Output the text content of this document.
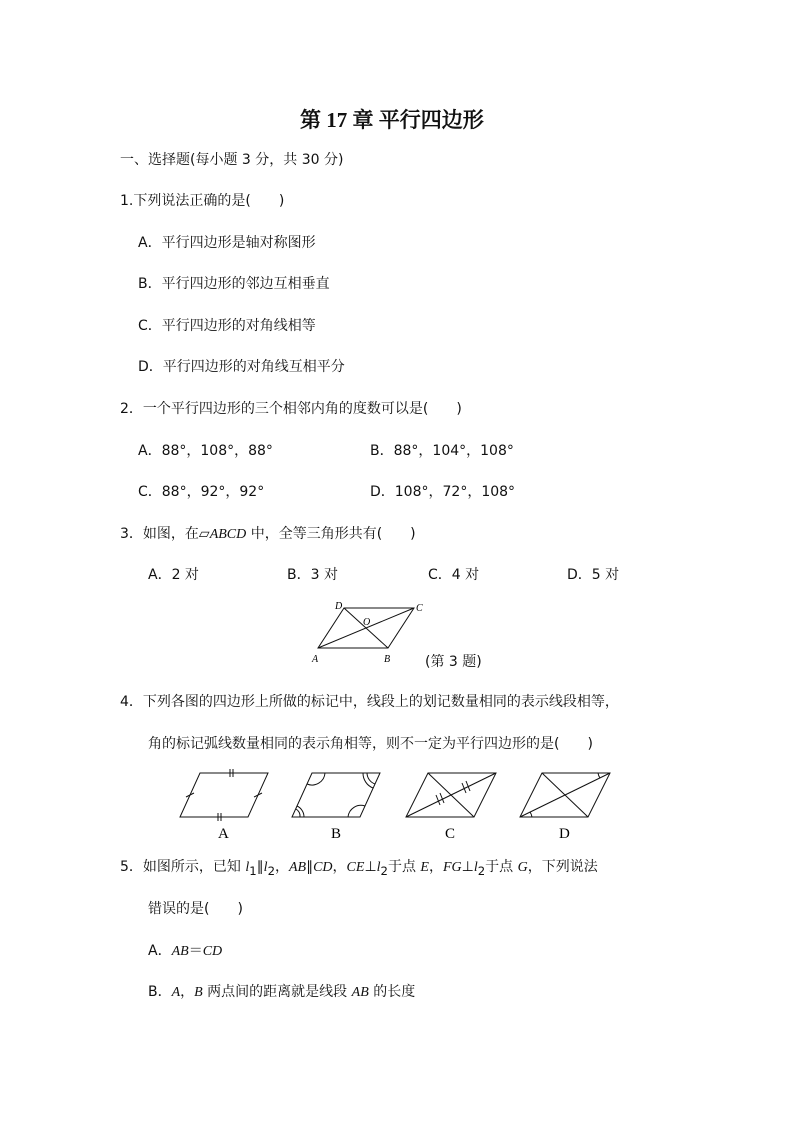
第 17 章 平行四边形
一、选择题(每小题 3 分，共 30 分)
1.下列说法正确的是(　　)
A．平行四边形是轴对称图形
B．平行四边形的邻边互相垂直
C．平行四边形的对角线相等
D．平行四边形的对角线互相平分
2．一个平行四边形的三个相邻内角的度数可以是(　　)
A．88°，108°，88°	B．88°，104°，108°
C．88°，92°，92°	D．108°，72°，108°
3．如图，在▱ABCD 中，全等三角形共有(　　)
A．2 对	B．3 对	C．4 对	D．5 对
A	B
C
D
O
(第 3 题)
4．下列各图的四边形上所做的标记中，线段上的划记数量相同的表示线段相等，
角的标记弧线数量相同的表示角相等，则不一定为平行四边形的是(　　)
A	B	C	D
5．如图所示，已知 $l_1\parallel l_2$，AB∥CD，$CE\perp l_2$于点 E，$FG\perp l_2$于点 G，下列说法
错误的是(　　)
A．AB＝CD
B．A，B 两点间的距离就是线段 AB 的长度
